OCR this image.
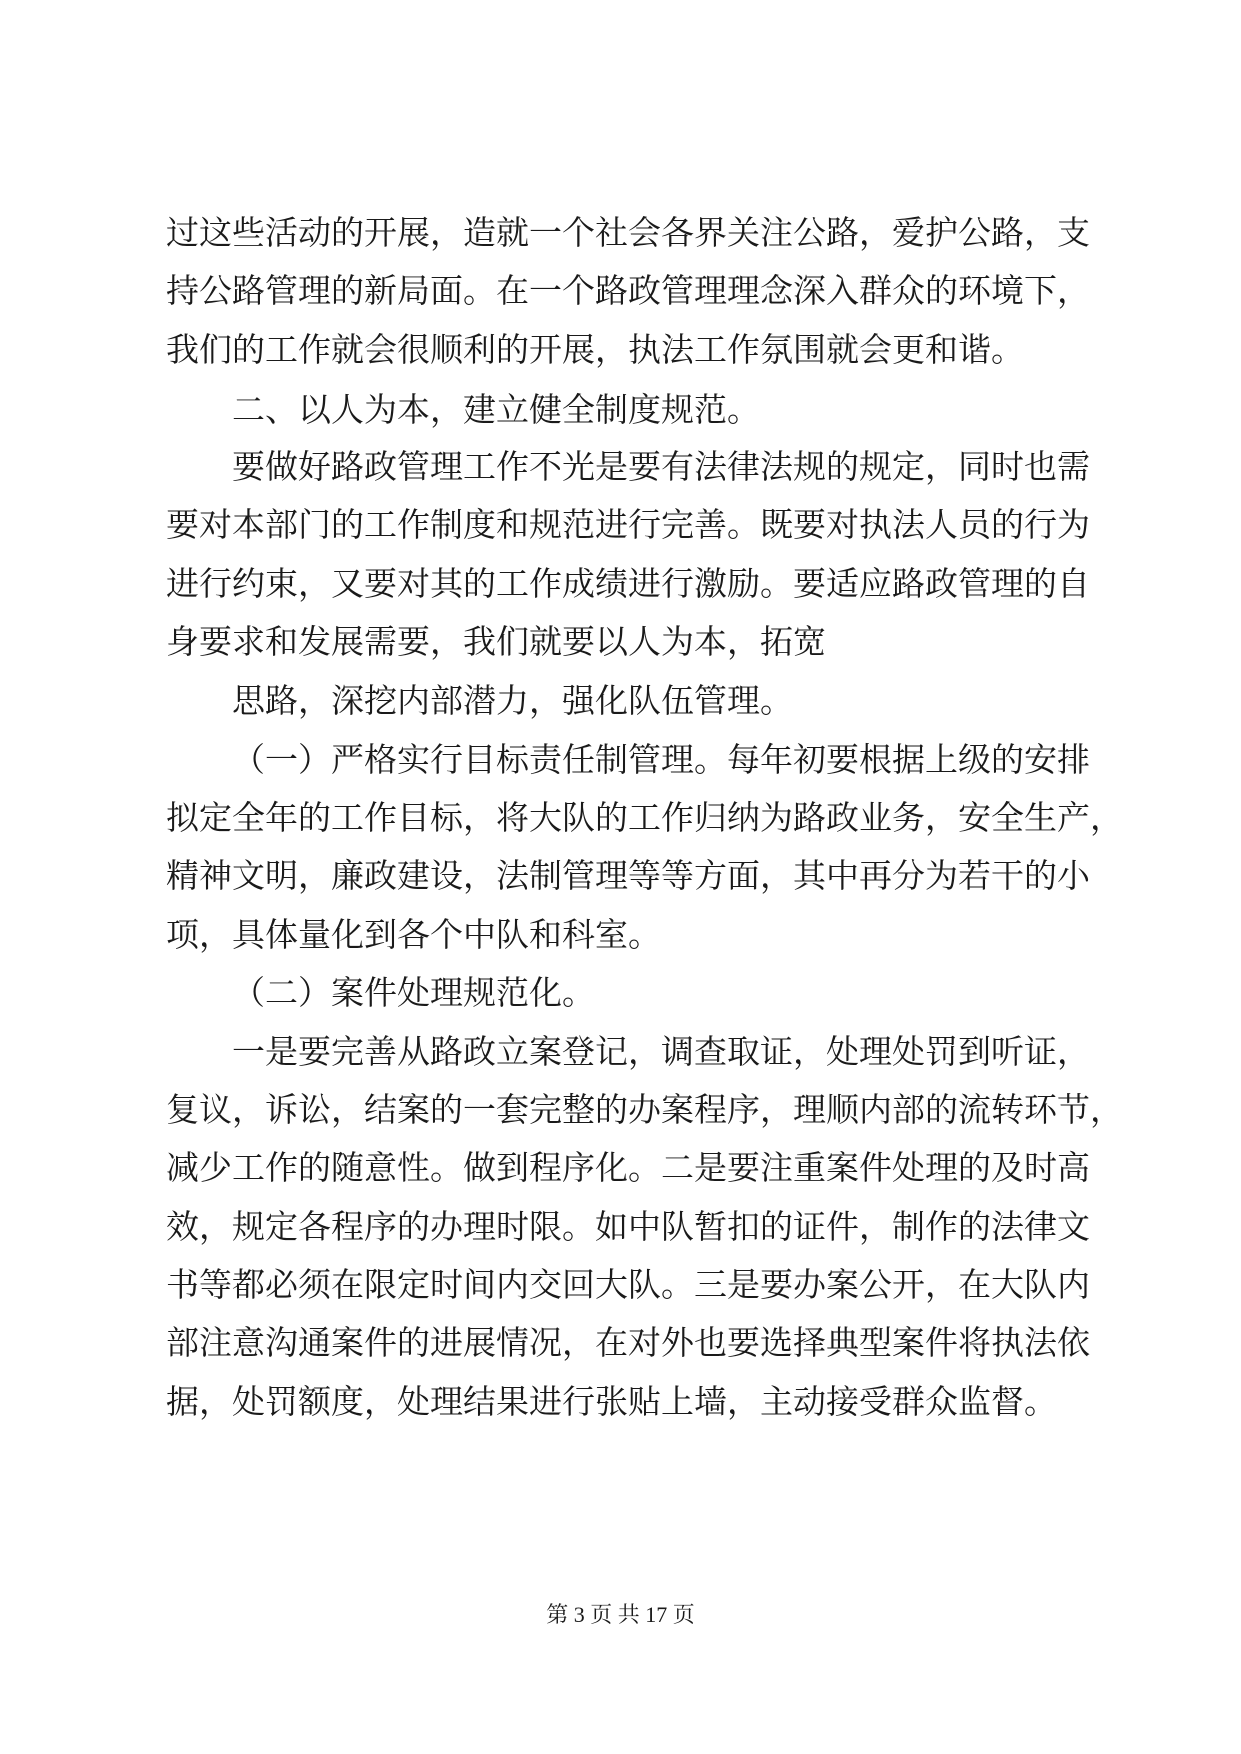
过这些活动的开展，造就一个社会各界关注公路，爱护公路，支
持公路管理的新局面。在一个路政管理理念深入群众的环境下，
我们的工作就会很顺利的开展，执法工作氛围就会更和谐。
二、以人为本，建立健全制度规范。
要做好路政管理工作不光是要有法律法规的规定，同时也需
要对本部门的工作制度和规范进行完善。既要对执法人员的行为
进行约束，又要对其的工作成绩进行激励。要适应路政管理的自
身要求和发展需要，我们就要以人为本，拓宽
思路，深挖内部潜力，强化队伍管理。
（一）严格实行目标责任制管理。每年初要根据上级的安排
拟定全年的工作目标，将大队的工作归纳为路政业务，安全生产，
精神文明，廉政建设，法制管理等等方面，其中再分为若干的小
项，具体量化到各个中队和科室。
（二）案件处理规范化。
一是要完善从路政立案登记，调查取证，处理处罚到听证，
复议，诉讼，结案的一套完整的办案程序，理顺内部的流转环节，
减少工作的随意性。做到程序化。二是要注重案件处理的及时高
效，规定各程序的办理时限。如中队暂扣的证件，制作的法律文
书等都必须在限定时间内交回大队。三是要办案公开，在大队内
部注意沟通案件的进展情况，在对外也要选择典型案件将执法依
据，处罚额度，处理结果进行张贴上墙，主动接受群众监督。
第 3 页 共 17 页
